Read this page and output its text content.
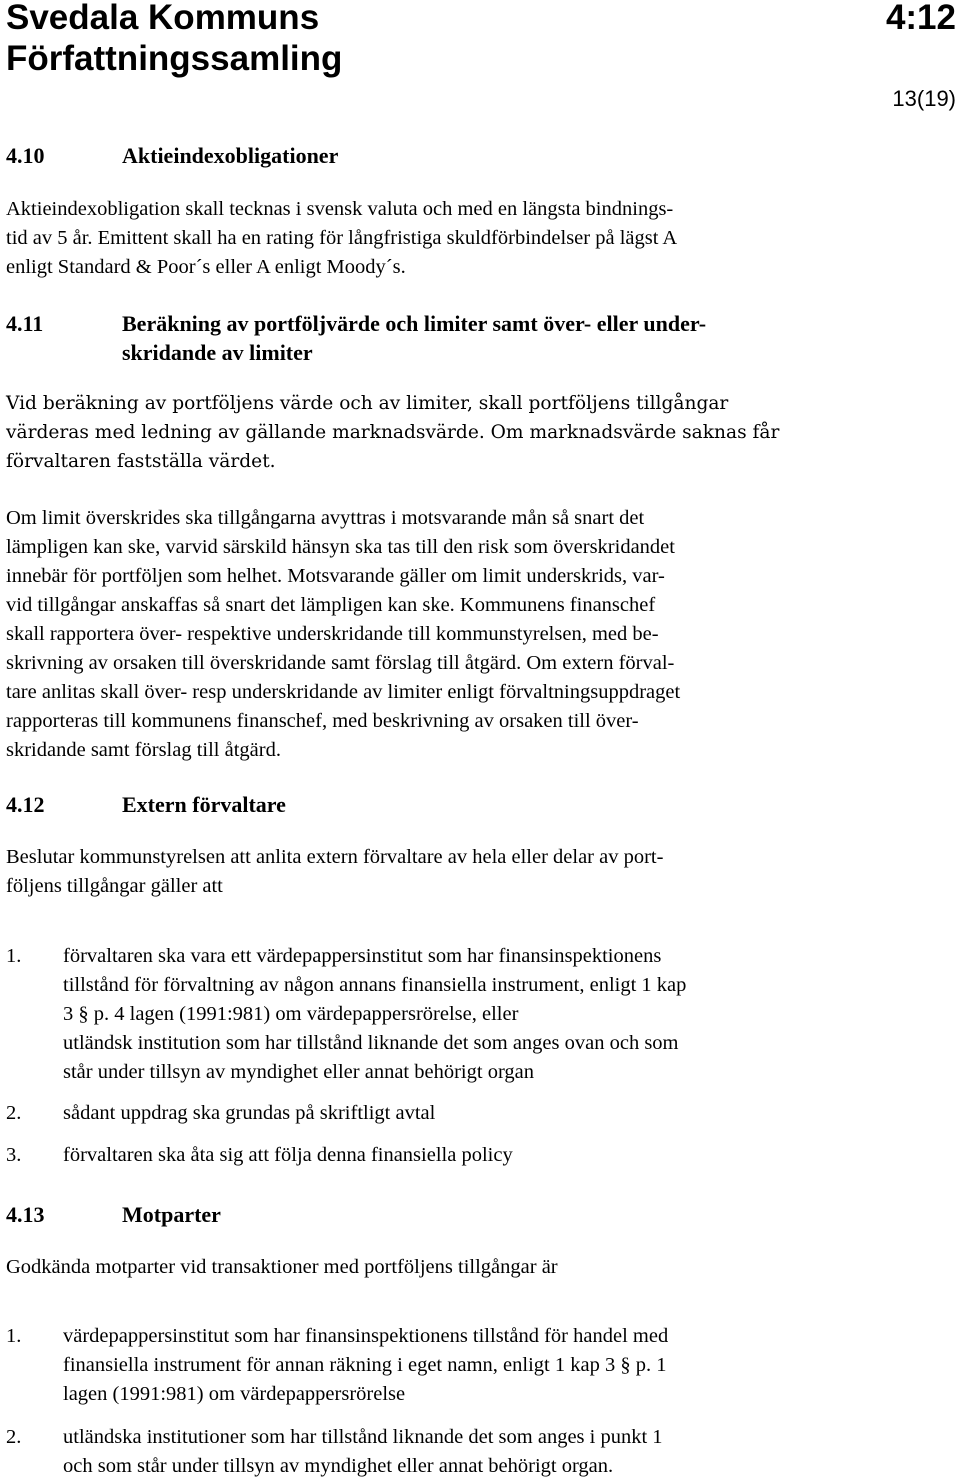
Svedala Kommuns
Författningssamling
4:12
13(19)
4.10	Aktieindexobligationer
Aktieindexobligation skall tecknas i svensk valuta och med en längsta bindnings-
tid av 5 år. Emittent skall ha en rating för långfristiga skuldförbindelser på lägst A
enligt Standard & Poor´s eller A enligt Moody´s.
4.11	Beräkning av portföljvärde och limiter samt över- eller under-
skridande av limiter
Vid beräkning av portföljens värde och av limiter, skall portföljens tillgångar
värderas med ledning av gällande marknadsvärde. Om marknadsvärde saknas får
förvaltaren fastställa värdet.
Om limit överskrides ska tillgångarna avyttras i motsvarande mån så snart det
lämpligen kan ske, varvid särskild hänsyn ska tas till den risk som överskridandet
innebär för portföljen som helhet. Motsvarande gäller om limit underskrids, var-
vid tillgångar anskaffas så snart det lämpligen kan ske. Kommunens finanschef
skall rapportera över- respektive underskridande till kommunstyrelsen, med be-
skrivning av orsaken till överskridande samt förslag till åtgärd. Om extern förval-
tare anlitas skall över- resp underskridande av limiter enligt förvaltningsuppdraget
rapporteras till kommunens finanschef, med beskrivning av orsaken till över-
skridande samt förslag till åtgärd.
4.12	Extern förvaltare
Beslutar kommunstyrelsen att anlita extern förvaltare av hela eller delar av port-
följens tillgångar gäller att
1. förvaltaren ska vara ett värdepappersinstitut som har finansinspektionens
tillstånd för förvaltning av någon annans finansiella instrument, enligt 1 kap
3 § p. 4 lagen (1991:981) om värdepappersrörelse, eller
utländsk institution som har tillstånd liknande det som anges ovan och som
står under tillsyn av myndighet eller annat behörigt organ
2. sådant uppdrag ska grundas på skriftligt avtal
3. förvaltaren ska åta sig att följa denna finansiella policy
4.13	Motparter
Godkända motparter vid transaktioner med portföljens tillgångar är
1. värdepappersinstitut som har finansinspektionens tillstånd för handel med
finansiella instrument för annan räkning i eget namn, enligt 1 kap 3 § p. 1
lagen (1991:981) om värdepappersrörelse
2. utländska institutioner som har tillstånd liknande det som anges i punkt 1
och som står under tillsyn av myndighet eller annat behörigt organ.
